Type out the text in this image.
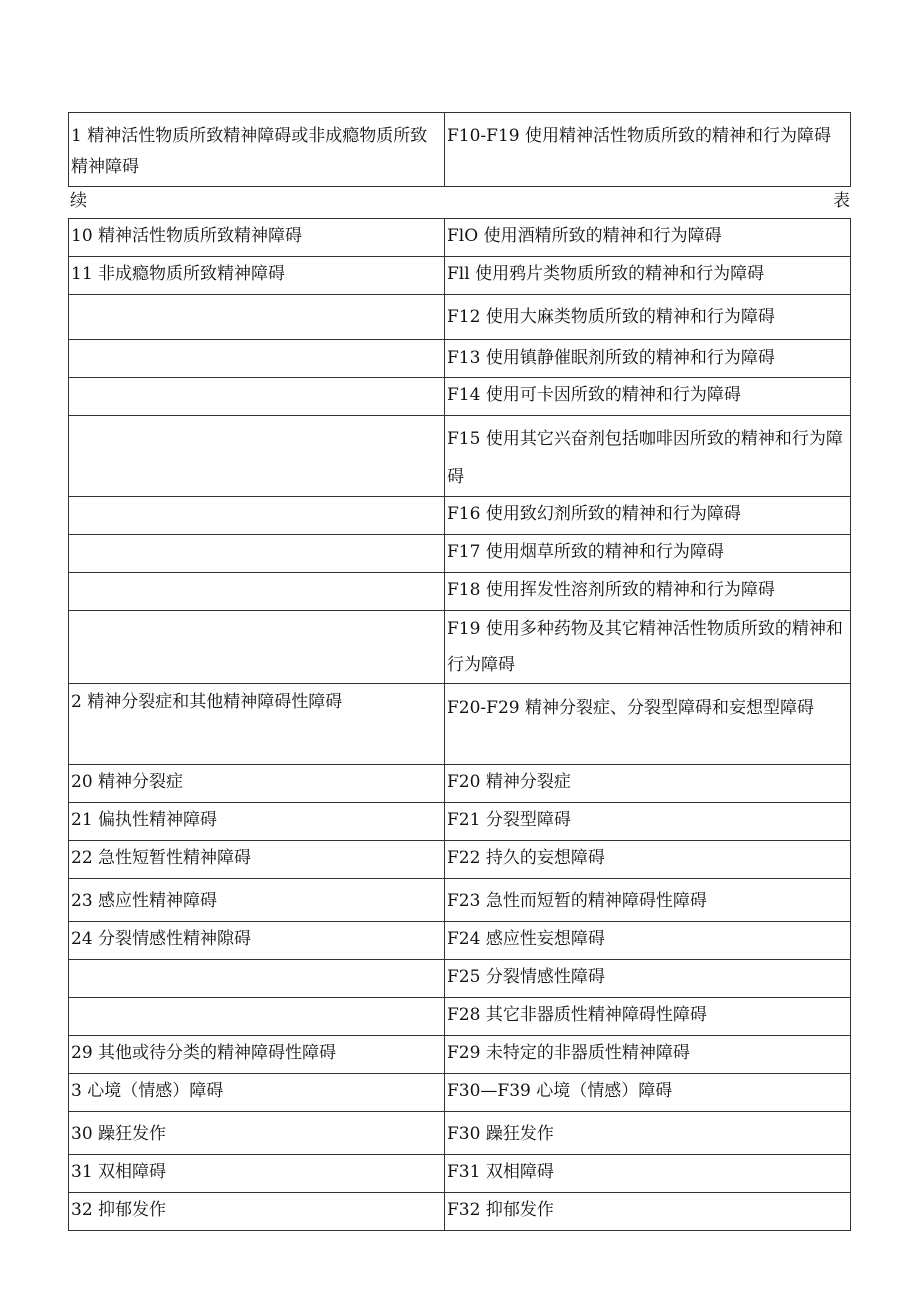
1 精神活性物质所致精神障碍或非成瘾物质所致精神障碍	F10-F19 使用精神活性物质所致的精神和行为障碍
续	表
10 精神活性物质所致精神障碍	FlO 使用酒精所致的精神和行为障碍
11 非成瘾物质所致精神障碍	Fll 使用鸦片类物质所致的精神和行为障碍
	F12 使用大麻类物质所致的精神和行为障碍
	F13 使用镇静催眠剂所致的精神和行为障碍
	F14 使用可卡因所致的精神和行为障碍
	F15 使用其它兴奋剂包括咖啡因所致的精神和行为障碍
	F16 使用致幻剂所致的精神和行为障碍
	F17 使用烟草所致的精神和行为障碍
	F18 使用挥发性溶剂所致的精神和行为障碍
	F19 使用多种药物及其它精神活性物质所致的精神和行为障碍
2 精神分裂症和其他精神障碍性障碍	F20-F29 精神分裂症、分裂型障碍和妄想型障碍
20 精神分裂症	F20 精神分裂症
21 偏执性精神障碍	F21 分裂型障碍
22 急性短暂性精神障碍	F22 持久的妄想障碍
23 感应性精神障碍	F23 急性而短暂的精神障碍性障碍
24 分裂情感性精神隙碍	F24 感应性妄想障碍
	F25 分裂情感性障碍
	F28 其它非器质性精神障碍性障碍
29 其他或待分类的精神障碍性障碍	F29 未特定的非器质性精神障碍
3 心境（情感）障碍	F30—F39 心境（情感）障碍
30 躁狂发作	F30 躁狂发作
31 双相障碍	F31 双相障碍
32 抑郁发作	F32 抑郁发作
